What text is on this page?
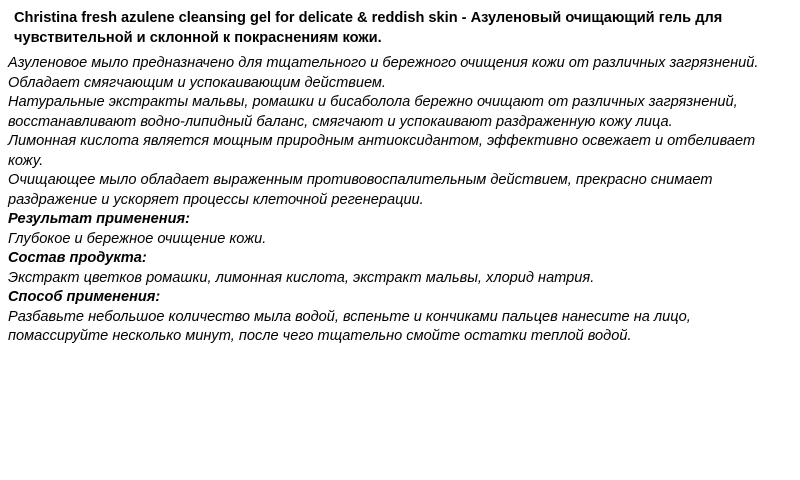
Christina fresh azulene cleansing gel for delicate & reddish skin - Азуленовый очищающий гель для чувствительной и склонной к покраснениям кожи.

Азуленовое мыло предназначено для тщательного и бережного очищения кожи от различных загрязнений. Обладает смягчающим и успокаивающим действием.

Натуральные экстракты мальвы, ромашки и бисаболола бережно очищают от различных загрязнений, восстанавливают водно-липидный баланс, смягчают и успокаивают раздраженную кожу лица.

Лимонная кислота является мощным природным антиоксидантом, эффективно освежает и отбеливает кожу.

Очищающее мыло обладает выраженным противовоспалительным действием, прекрасно снимает раздражение и ускоряет процессы клеточной регенерации.

Результат применения:

Глубокое и бережное очищение кожи.

Состав продукта:

Экстракт цветков ромашки, лимонная кислота, экстракт мальвы, хлорид натрия.

Способ применения:

Разбавьте небольшое количество мыла водой, вспеньте и кончиками пальцев нанесите на лицо, помассируйте несколько минут, после чего тщательно смойте остатки теплой водой.
